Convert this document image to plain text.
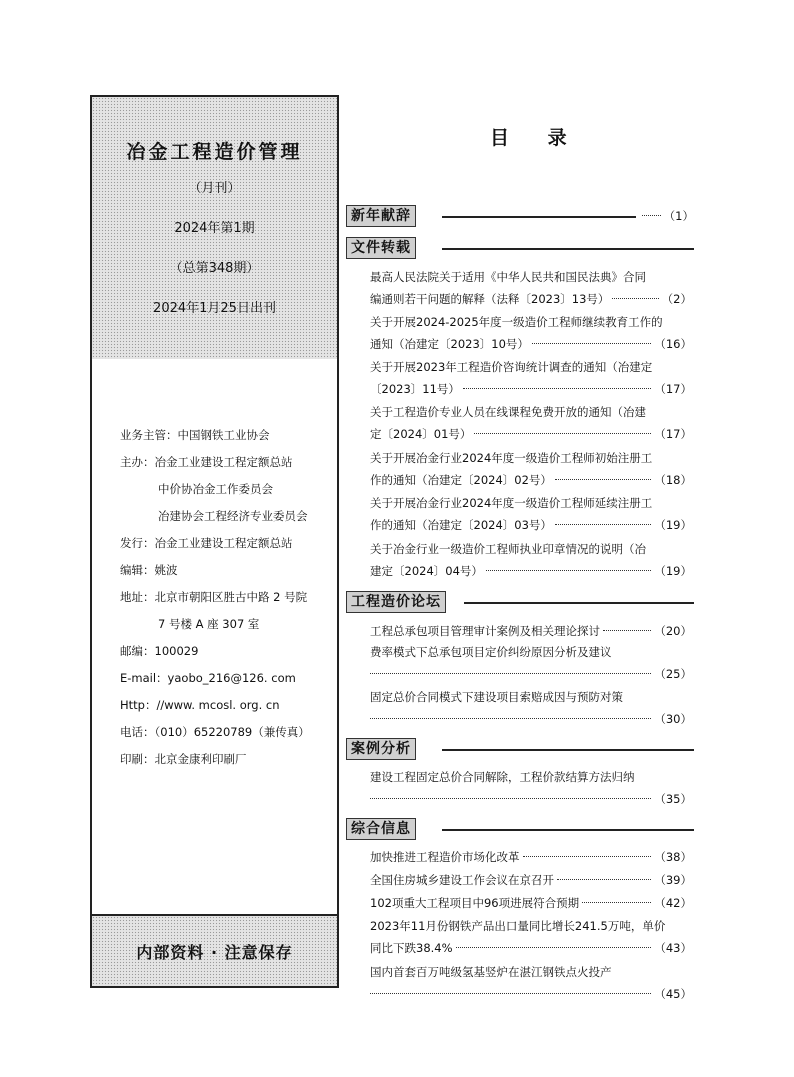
冶金工程造价管理
（月刊）
2024年第1期
（总第348期）
2024年1月25日出刊
业务主管：中国钢铁工业协会
主办：冶金工业建设工程定额总站
中价协冶金工作委员会
冶建协会工程经济专业委员会
发行：冶金工业建设工程定额总站
编辑：姚波
地址：北京市朝阳区胜古中路 2 号院
7 号楼 A 座 307 室
邮编：100029
E-mail：yaobo_216@126. com
Http：//www. mcosl. org. cn
电话：（010）65220789（兼传真）
印刷：北京金康利印刷厂
内部资料 · 注意保存
目 录
新年献辞	（1）
文件转载
最高人民法院关于适用《中华人民共和国民法典》合同
编通则若干问题的解释（法释〔2023〕13号）	（2）
关于开展2024-2025年度一级造价工程师继续教育工作的
通知（冶建定〔2023〕10号）	（16）
关于开展2023年工程造价咨询统计调查的通知（冶建定
〔2023〕11号）	（17）
关于工程造价专业人员在线课程免费开放的通知（冶建
定〔2024〕01号）	（17）
关于开展冶金行业2024年度一级造价工程师初始注册工
作的通知（冶建定〔2024〕02号）	（18）
关于开展冶金行业2024年度一级造价工程师延续注册工
作的通知（冶建定〔2024〕03号）	（19）
关于冶金行业一级造价工程师执业印章情况的说明（冶
建定〔2024〕04号）	（19）
工程造价论坛
工程总承包项目管理审计案例及相关理论探讨	（20）
费率模式下总承包项目定价纠纷原因分析及建议
（25）
固定总价合同模式下建设项目索赔成因与预防对策
（30）
案例分析
建设工程固定总价合同解除，工程价款结算方法归纳
（35）
综合信息
加快推进工程造价市场化改革	（38）
全国住房城乡建设工作会议在京召开	（39）
102项重大工程项目中96项进展符合预期	（42）
2023年11月份钢铁产品出口量同比增长241.5万吨，单价
同比下跌38.4%	（43）
国内首套百万吨级氢基竖炉在湛江钢铁点火投产
（45）
